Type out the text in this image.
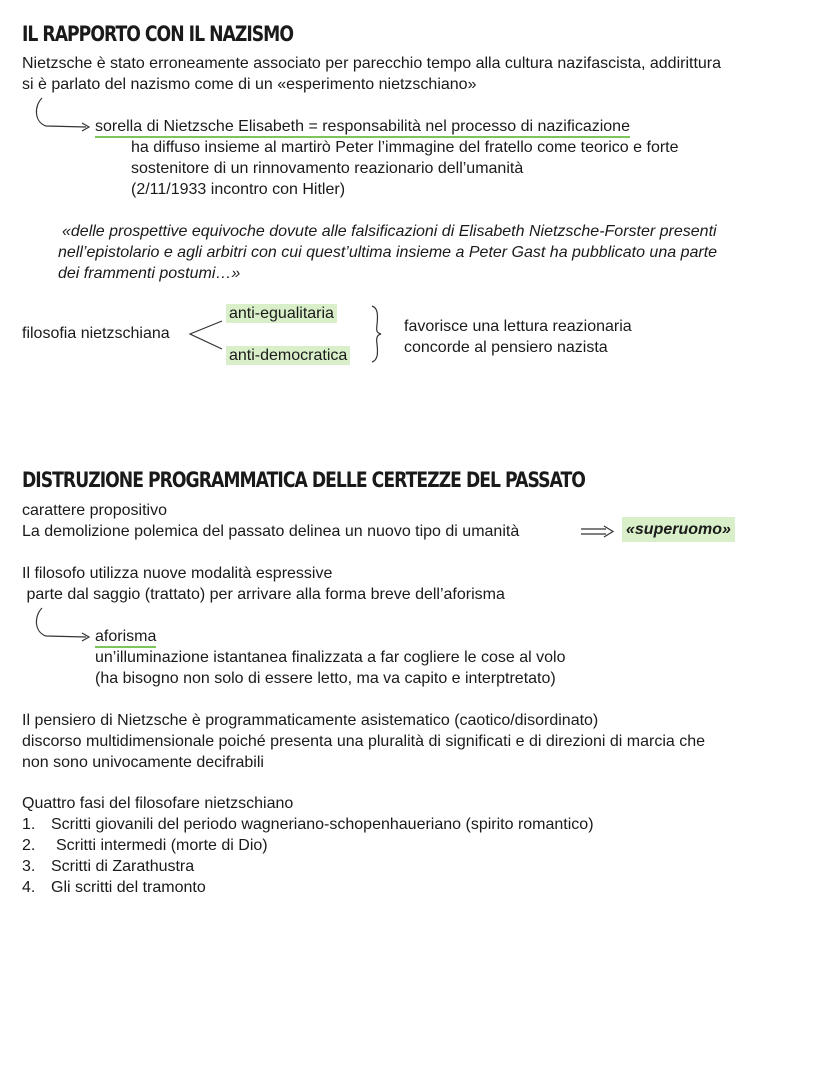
IL RAPPORTO CON IL NAZISMO
Nietzsche è stato erroneamente associato per parecchio tempo alla cultura nazifascista, addirittura
si è parlato del nazismo come di un «esperimento nietzschiano»
sorella di Nietzsche Elisabeth = responsabilità nel processo di nazificazione
ha diffuso insieme al martirò Peter l’immagine del fratello come teorico e forte
sostenitore di un rinnovamento reazionario dell’umanità
(2/11/1933 incontro con Hitler)
«delle prospettive equivoche dovute alle falsificazioni di Elisabeth Nietzsche-Forster presenti
nell’epistolario e agli arbitri con cui quest’ultima insieme a Peter Gast ha pubblicato una parte
dei frammenti postumi…»
filosofia nietzschiana
anti-egualitaria
anti-democratica
favorisce una lettura reazionaria
concorde al pensiero nazista
DISTRUZIONE PROGRAMMATICA DELLE CERTEZZE DEL PASSATO
carattere propositivo
La demolizione polemica del passato delinea un nuovo tipo di umanità	«superuomo»
Il filosofo utilizza nuove modalità espressive
parte dal saggio (trattato) per arrivare alla forma breve dell’aforisma
aforisma
un’illuminazione istantanea finalizzata a far cogliere le cose al volo
(ha bisogno non solo di essere letto, ma va capito e interptretato)
Il pensiero di Nietzsche è programmaticamente asistematico (caotico/disordinato)
discorso multidimensionale poiché presenta una pluralità di significati e di direzioni di marcia che
non sono univocamente decifrabili
Quattro fasi del filosofare nietzschiano
1. Scritti giovanili del periodo wagneriano-schopenhaueriano (spirito romantico)
2. Scritti intermedi (morte di Dio)
3. Scritti di Zarathustra
4. Gli scritti del tramonto
